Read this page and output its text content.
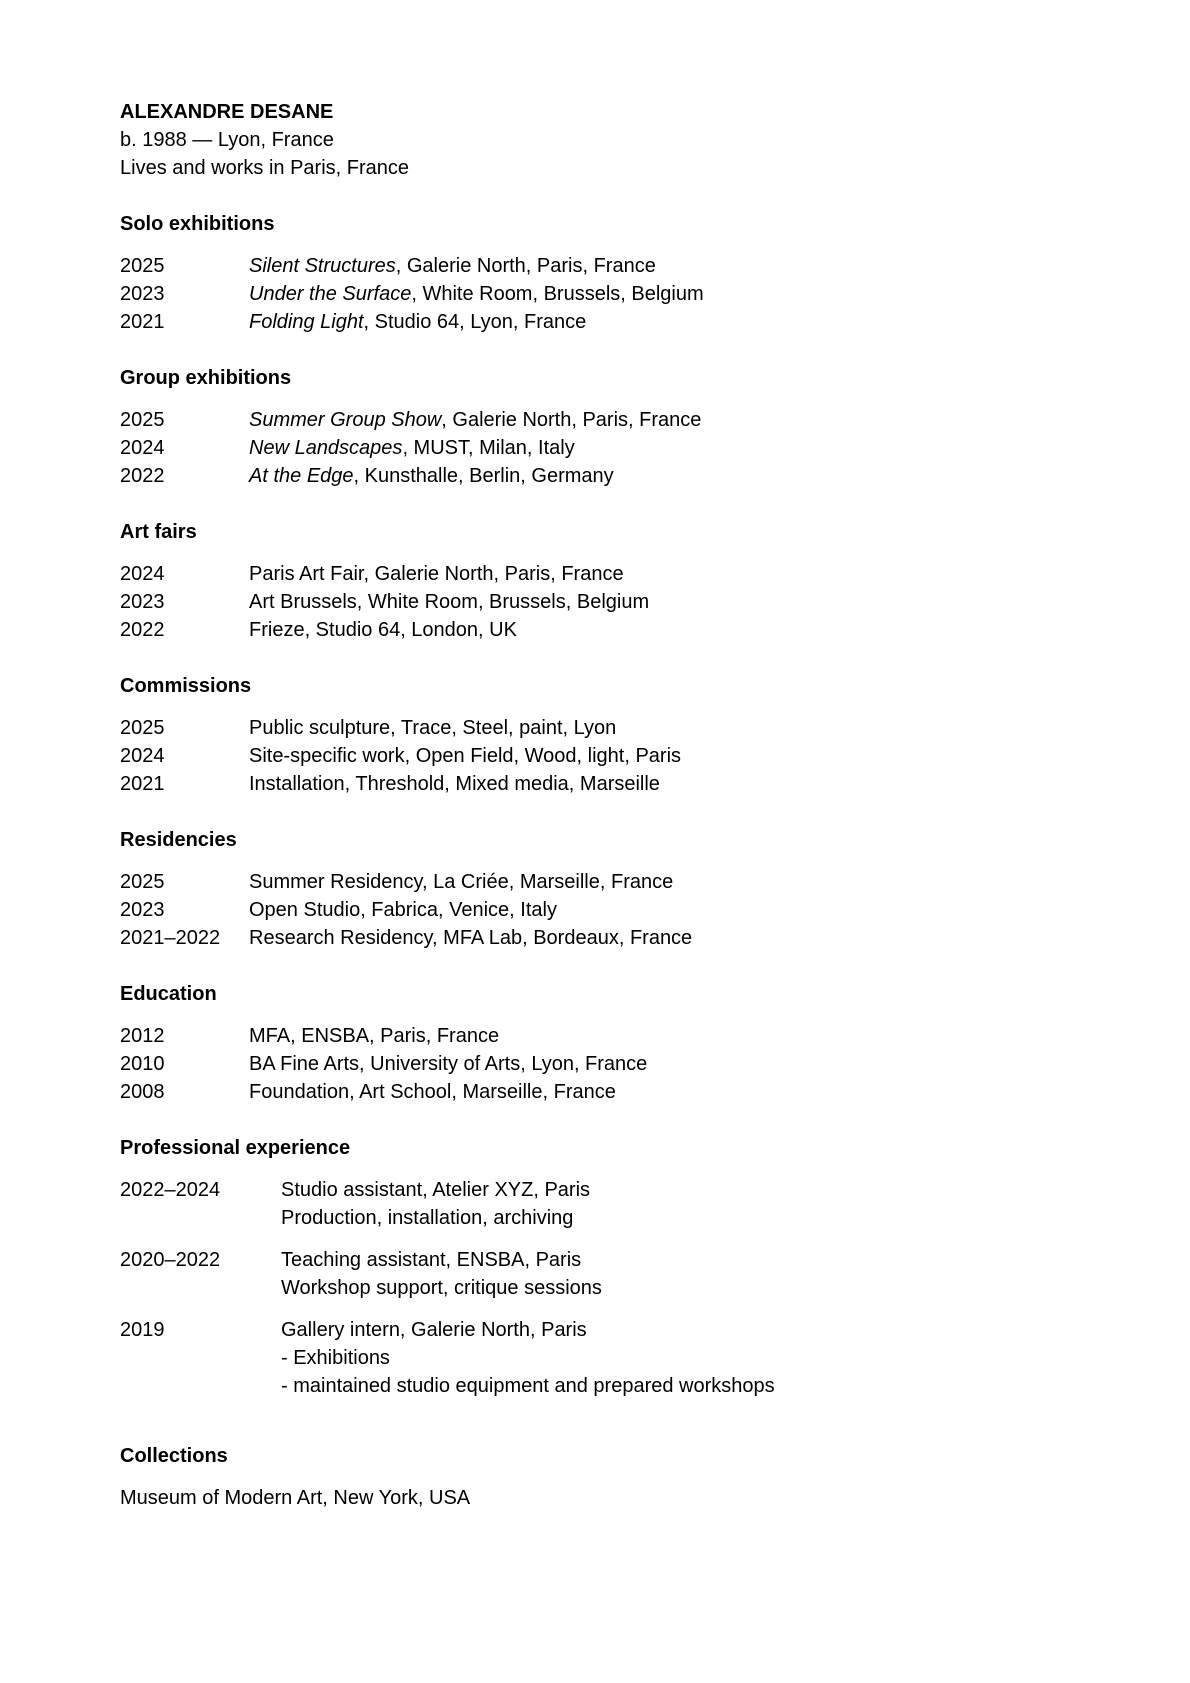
ALEXANDRE DESANE

b. 1988 — Lyon, France

Lives and works in Paris, France

Solo exhibitions

2025	Silent Structures, Galerie North, Paris, France
2023	Under the Surface, White Room, Brussels, Belgium
2021	Folding Light, Studio 64, Lyon, France

Group exhibitions

2025	Summer Group Show, Galerie North, Paris, France
2024	New Landscapes, MUST, Milan, Italy
2022	At the Edge, Kunsthalle, Berlin, Germany

Art fairs

2024	Paris Art Fair, Galerie North, Paris, France
2023	Art Brussels, White Room, Brussels, Belgium
2022	Frieze, Studio 64, London, UK

Commissions

2025	Public sculpture, Trace, Steel, paint, Lyon
2024	Site-specific work, Open Field, Wood, light, Paris
2021	Installation, Threshold, Mixed media, Marseille

Residencies

2025	Summer Residency, La Criée, Marseille, France
2023	Open Studio, Fabrica, Venice, Italy
2021–2022	Research Residency, MFA Lab, Bordeaux, France

Education

2012	MFA, ENSBA, Paris, France
2010	BA Fine Arts, University of Arts, Lyon, France
2008	Foundation, Art School, Marseille, France

Professional experience

2022–2024	Studio assistant, Atelier XYZ, Paris
Production, installation, archiving
2020–2022	Teaching assistant, ENSBA, Paris
Workshop support, critique sessions
2019	Gallery intern, Galerie North, Paris
- Exhibitions
- maintained studio equipment and prepared workshops

Collections

Museum of Modern Art, New York, USA
